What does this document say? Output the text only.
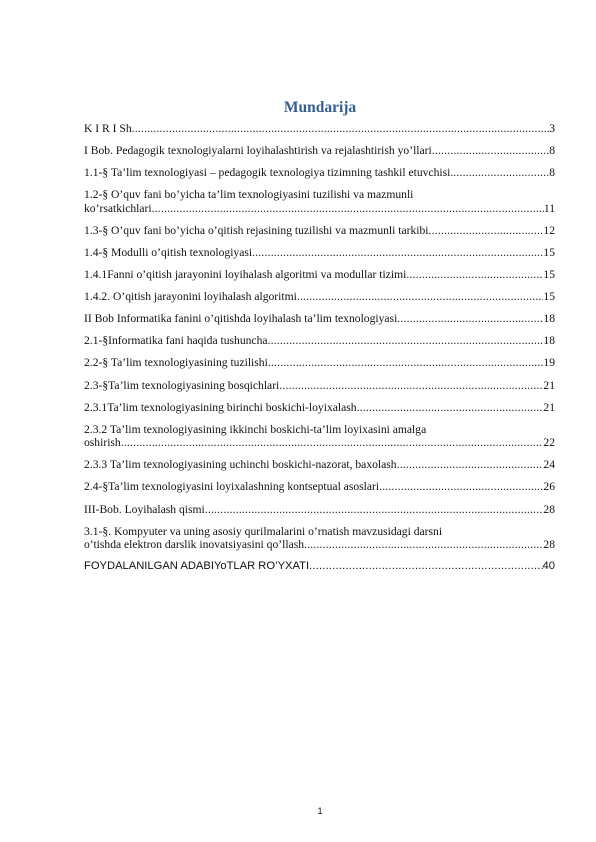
Mundarija
K I R I Sh .....	3
I Bob. Pedagogik texnologiyalarni loyihalashtirish va rejalashtirish yo’llari .....	8
1.1-§ Ta’lim texnologiyasi – pedagogik texnologiya tizimning tashkil etuvchisi. .....	8
1.2-§ O’quv fani bo’yicha ta’lim texnologiyasini tuzilishi va mazmunli
ko’rsatkichlari .....	11
1.3-§ O’quv fani bo’yicha o’qitish rejasining tuzilishi va mazmunli tarkibi .....	12
1.4-§ Modulli o’qitish texnologiyasi .....	15
1.4.1Fanni o’qitish jarayonini loyihalash algoritmi va modullar tizimi .....	15
1.4.2. O’qitish jarayonini loyihalash algoritmi .....	15
II Bob Informatika fanini o’qitishda loyihalash ta’lim texnologiyasi .....	18
2.1-§Informatika fani haqida tushuncha .....	18
2.2-§ Ta’lim texnologiyasining tuzilishi .....	19
2.3-§Ta’lim texnologiyasining bosqichlari .....	21
2.3.1Ta’lim texnologiyasining birinchi boskichi-loyixalash .....	21
2.3.2 Ta’lim texnologiyasining ikkinchi boskichi-ta’lim loyixasini amalga
oshirish .....	22
2.3.3 Ta’lim texnologiyasining uchinchi boskichi-nazorat, baxolash .....	24
2.4-§Ta’lim texnologiyasini loyixalashning kontseptual asoslari .....	26
III-Bob. Loyihalash qismi .....	28
3.1-§. Kompyuter va uning asosiy qurilmalarini o’rnatish mavzusidagi darsni
o’tishda elektron darslik inovatsiyasini qo’llash .....	28
FOYDALANILGAN ADABIYoTLAR RO’YXATI .....	40
1
